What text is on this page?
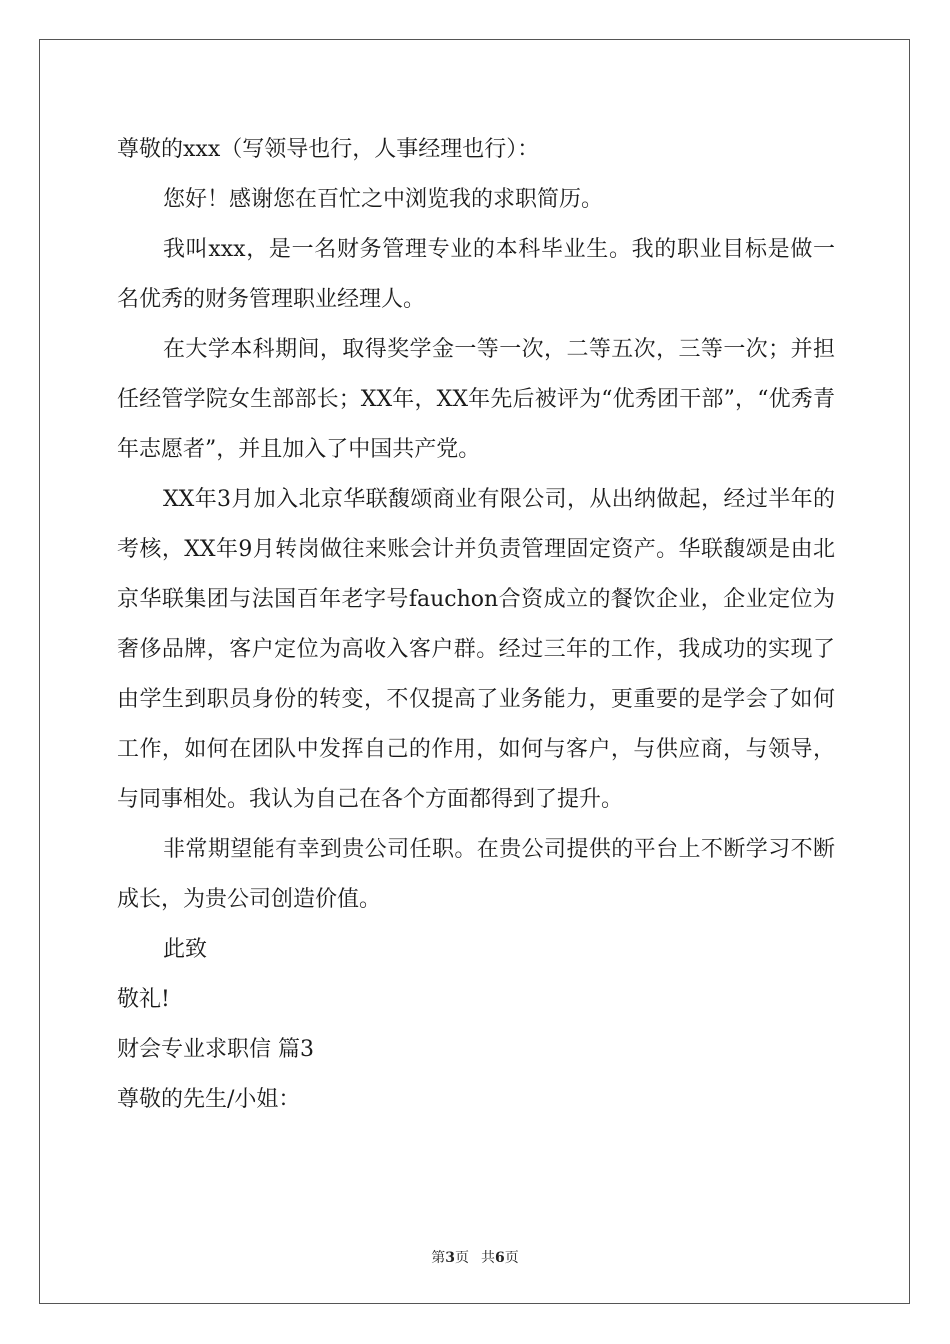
尊敬的xxx（写领导也行，人事经理也行）：

您好！感谢您在百忙之中浏览我的求职简历。

我叫xxx，是一名财务管理专业的本科毕业生。我的职业目标是做一名优秀的财务管理职业经理人。

在大学本科期间，取得奖学金一等一次，二等五次，三等一次；并担任经管学院女生部部长；XX年，XX年先后被评为“优秀团干部”，“优秀青年志愿者”，并且加入了中国共产党。

XX年3月加入北京华联馥颂商业有限公司，从出纳做起，经过半年的考核，XX年9月转岗做往来账会计并负责管理固定资产。华联馥颂是由北京华联集团与法国百年老字号fauchon合资成立的餐饮企业，企业定位为奢侈品牌，客户定位为高收入客户群。经过三年的工作，我成功的实现了由学生到职员身份的转变，不仅提高了业务能力，更重要的是学会了如何工作，如何在团队中发挥自己的作用，如何与客户，与供应商，与领导，与同事相处。我认为自己在各个方面都得到了提升。

非常期望能有幸到贵公司任职。在贵公司提供的平台上不断学习不断成长，为贵公司创造价值。

此致

敬礼!

财会专业求职信 篇3

尊敬的先生/小姐：

第3页 共6页
